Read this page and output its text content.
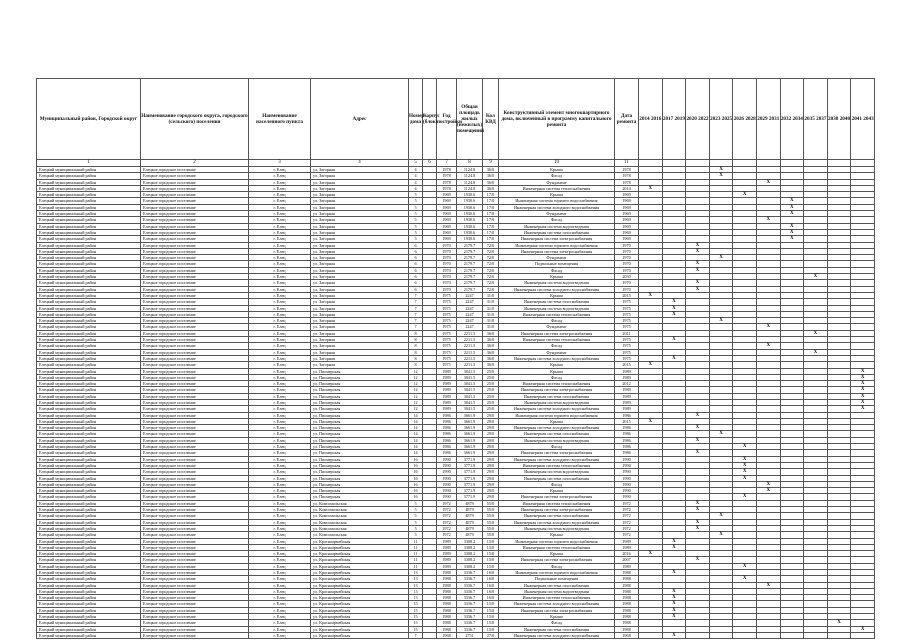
Муниципальный район, Городской округ	Наименование городского округа, городского (сельского) поселения	Наименование населенного пункта	Адрес	Номер дома	Корпус (блок)	Год постройки	Общая площадь жилых (нежилых) помещений	Кол КВД	Конструктивный элемент многоквартирного дома, включенный в программу капитального ремонта	Дата ремонта	2014 2016	2017 2019	2020 2022	2023 2025	2026 2028	2029 2031	2032 2034	2035 2037	2038 2040	2041 2043
1	2	3	4	5	6	7	8	9	10	11										
Елецкий муниципальный район	Елецкое городское поселение	г. Елец	ул. Загорная	4		1978	1124.8	36/0	Крыша	1978				X						
Елецкий муниципальный район	Елецкое городское поселение	г. Елец	ул. Загорная	4		1978	1124.8	36/0	Фасад	1978				X						
Елецкий муниципальный район	Елецкое городское поселение	г. Елец	ул. Загорная	4		1978	1124.8	36/0	Фундамент	1978						X				
Елецкий муниципальный район	Елецкое городское поселение	г. Елец	ул. Загорная	4		1978	1124.8	36/0	Инженерная система теплоснабжения	2014	X									
Елецкий муниципальный район	Елецкое городское поселение	г. Елец	ул. Загорная	5		1969	1930.6	17/0	Крыша	1969					X					
Елецкий муниципальный район	Елецкое городское поселение	г. Елец	ул. Загорная	5		1969	1930.6	17/0	Инженерная система горячего водоснабжения	1969							X			
Елецкий муниципальный район	Елецкое городское поселение	г. Елец	ул. Загорная	5		1969	1930.6	17/0	Инженерная система холодного водоснабжения	1969							X			
Елецкий муниципальный район	Елецкое городское поселение	г. Елец	ул. Загорная	5		1969	1930.6	17/0	Фундамент	1969							X			
Елецкий муниципальный район	Елецкое городское поселение	г. Елец	ул. Загорная	5		1969	1930.6	17/0	Фасад	1969						X				
Елецкий муниципальный район	Елецкое городское поселение	г. Елец	ул. Загорная	5		1969	1930.6	17/0	Инженерная система водоотведения	1969							X			
Елецкий муниципальный район	Елецкое городское поселение	г. Елец	ул. Загорная	5		1969	1930.6	17/0	Инженерная система газоснабжения	1969							X			
Елецкий муниципальный район	Елецкое городское поселение	г. Елец	ул. Загорная	5		1969	1930.6	17/0	Инженерная система электроснабжения	1969							X			
Елецкий муниципальный район	Елецкое городское поселение	г. Елец	ул. Загорная	6		1970	2179.7	72/0	Инженерная система горячего водоснабжения	1970			X							
Елецкий муниципальный район	Елецкое городское поселение	г. Елец	ул. Загорная	6		1970	2179.7	72/0	Инженерная система электроснабжения	1970			X							
Елецкий муниципальный район	Елецкое городское поселение	г. Елец	ул. Загорная	6		1970	2179.7	72/0	Фундамент	1970				X						
Елецкий муниципальный район	Елецкое городское поселение	г. Елец	ул. Загорная	6		1970	2179.7	72/0	Подвальные помещения	1970			X							
Елецкий муниципальный район	Елецкое городское поселение	г. Елец	ул. Загорная	6		1970	2179.7	72/0	Фасад	1970			X							
Елецкий муниципальный район	Елецкое городское поселение	г. Елец	ул. Загорная	6		1970	2179.7	72/0	Крыша	2030								X		
Елецкий муниципальный район	Елецкое городское поселение	г. Елец	ул. Загорная	6		1970	2179.7	72/0	Инженерная система водоотведения	1970			X							
Елецкий муниципальный район	Елецкое городское поселение	г. Елец	ул. Загорная	6		1970	2179.7	72/0	Инженерная система холодного водоснабжения	1970			X							
Елецкий муниципальный район	Елецкое городское поселение	г. Елец	ул. Загорная	7		1975	2247	31/0	Крыша	2015	X									
Елецкий муниципальный район	Елецкое городское поселение	г. Елец	ул. Загорная	7		1975	2247	31/0	Инженерная система газоснабжения	1975		X								
Елецкий муниципальный район	Елецкое городское поселение	г. Елец	ул. Загорная	7		1975	2247	31/0	Инженерная система водоотведения	1975		X								
Елецкий муниципальный район	Елецкое городское поселение	г. Елец	ул. Загорная	7		1975	2247	31/0	Инженерная система теплоснабжения	1975		X								
Елецкий муниципальный район	Елецкое городское поселение	г. Елец	ул. Загорная	7		1975	2247	31/0	Фасад	1975				X						
Елецкий муниципальный район	Елецкое городское поселение	г. Елец	ул. Загорная	7		1975	2247	31/0	Фундамент	1975						X				
Елецкий муниципальный район	Елецкое городское поселение	г. Елец	ул. Загорная	8		1975	2211.5	36/0	Инженерная система электроснабжения	2011								X		
Елецкий муниципальный район	Елецкое городское поселение	г. Елец	ул. Загорная	8		1975	2211.5	36/0	Инженерная система теплоснабжения	1975		X								
Елецкий муниципальный район	Елецкое городское поселение	г. Елец	ул. Загорная	8		1975	2211.5	36/0	Фасад	1975						X				
Елецкий муниципальный район	Елецкое городское поселение	г. Елец	ул. Загорная	8		1975	2211.5	36/0	Фундамент	1975								X		
Елецкий муниципальный район	Елецкое городское поселение	г. Елец	ул. Загорная	8		1975	2211.5	36/0	Инженерная система холодного водоснабжения	1975		X								
Елецкий муниципальный район	Елецкое городское поселение	г. Елец	ул. Загорная	8		1975	2211.5	36/0	Крыша	2015	X									
Елецкий муниципальный район	Елецкое городское поселение	г. Елец	ул. Пионерская	12		1989	3041.5	25/0	Крыша	1989										X
Елецкий муниципальный район	Елецкое городское поселение	г. Елец	ул. Пионерская	12		1989	3041.5	25/0	Фасад	1989										X
Елецкий муниципальный район	Елецкое городское поселение	г. Елец	ул. Пионерская	12		1989	3041.5	25/0	Инженерная система теплоснабжения	2012										X
Елецкий муниципальный район	Елецкое городское поселение	г. Елец	ул. Пионерская	12		1989	3041.5	25/0	Инженерная система электроснабжения	1989										X
Елецкий муниципальный район	Елецкое городское поселение	г. Елец	ул. Пионерская	12		1989	3041.5	25/0	Инженерная система газоснабжения	1989										X
Елецкий муниципальный район	Елецкое городское поселение	г. Елец	ул. Пионерская	12		1989	3041.5	25/0	Инженерная система водоотведения	1989										X
Елецкий муниципальный район	Елецкое городское поселение	г. Елец	ул. Пионерская	12		1989	3041.5	25/0	Инженерная система холодного водоснабжения	1989										X
Елецкий муниципальный район	Елецкое городское поселение	г. Елец	ул. Пионерская	14		1986	3661.9	29/0	Инженерная система горячего водоснабжения	1986			X							
Елецкий муниципальный район	Елецкое городское поселение	г. Елец	ул. Пионерская	14		1986	3661.9	29/0	Крыша	2015	X									
Елецкий муниципальный район	Елецкое городское поселение	г. Елец	ул. Пионерская	14		1986	3661.9	29/0	Инженерная система холодного водоснабжения	1986			X							
Елецкий муниципальный район	Елецкое городское поселение	г. Елец	ул. Пионерская	14		1986	3661.9	29/0	Инженерная система газоснабжения	1986				X						
Елецкий муниципальный район	Елецкое городское поселение	г. Елец	ул. Пионерская	14		1986	3661.9	29/0	Инженерная система водоотведения	1986			X							
Елецкий муниципальный район	Елецкое городское поселение	г. Елец	ул. Пионерская	14		1986	3661.9	29/0	Фасад	1986					X					
Елецкий муниципальный район	Елецкое городское поселение	г. Елец	ул. Пионерская	14		1986	3661.9	29/0	Инженерная система электроснабжения	1986			X							
Елецкий муниципальный район	Елецкое городское поселение	г. Елец	ул. Пионерская	16		1990	3771.9	29/0	Инженерная система холодного водоснабжения	1990					X					
Елецкий муниципальный район	Елецкое городское поселение	г. Елец	ул. Пионерская	16		1990	3771.9	29/0	Инженерная система теплоснабжения	1990					X					
Елецкий муниципальный район	Елецкое городское поселение	г. Елец	ул. Пионерская	16		1990	3771.9	29/0	Инженерная система водоотведения	1990					X					
Елецкий муниципальный район	Елецкое городское поселение	г. Елец	ул. Пионерская	16		1990	3771.9	29/0	Инженерная система газоснабжения	1990					X					
Елецкий муниципальный район	Елецкое городское поселение	г. Елец	ул. Пионерская	16		1990	3771.9	29/0	Фасад	1990						X				
Елецкий муниципальный район	Елецкое городское поселение	г. Елец	ул. Пионерская	16		1990	3771.9	29/0	Крыша	1990						X				
Елецкий муниципальный район	Елецкое городское поселение	г. Елец	ул. Пионерская	16		1990	3771.9	29/0	Инженерная система электроснабжения	1990					X					
Елецкий муниципальный район	Елецкое городское поселение	г. Елец	ул. Комсомольская	5		1972	4879	55/0	Инженерная система теплоснабжения	1972			X							
Елецкий муниципальный район	Елецкое городское поселение	г. Елец	ул. Комсомольская	5		1972	4879	55/0	Инженерная система электроснабжения	1972			X							
Елецкий муниципальный район	Елецкое городское поселение	г. Елец	ул. Комсомольская	5		1972	4879	55/0	Инженерная система газоснабжения	1972				X						
Елецкий муниципальный район	Елецкое городское поселение	г. Елец	ул. Комсомольская	5		1972	4879	55/0	Инженерная система холодного водоснабжения	1972			X							
Елецкий муниципальный район	Елецкое городское поселение	г. Елец	ул. Комсомольская	5		1972	4879	55/0	Инженерная система водоотведения	1972			X							
Елецкий муниципальный район	Елецкое городское поселение	г. Елец	ул. Комсомольская	5		1972	4879	55/0	Крыша	1972				X						
Елецкий муниципальный район	Елецкое городское поселение	г. Елец	ул. Красноармейская	11		1989	3308.2	15/0	Инженерная система горячего водоснабжения	1989		X								
Елецкий муниципальный район	Елецкое городское поселение	г. Елец	ул. Красноармейская	11		1989	3308.2	15/0	Инженерная система теплоснабжения	1989		X								
Елецкий муниципальный район	Елецкое городское поселение	г. Елец	ул. Красноармейская	11		1989	3308.2	15/0	Крыша	2016	X									
Елецкий муниципальный район	Елецкое городское поселение	г. Елец	ул. Красноармейская	11		1989	3308.2	15/0	Инженерная система электроснабжения	2007			X							
Елецкий муниципальный район	Елецкое городское поселение	г. Елец	ул. Красноармейская	11		1989	3308.2	15/0	Фасад	1989					X					
Елецкий муниципальный район	Елецкое городское поселение	г. Елец	ул. Красноармейская	13		1988	3336.7	16/0	Инженерная система горячего водоснабжения	1988		X								
Елецкий муниципальный район	Елецкое городское поселение	г. Елец	ул. Красноармейская	13		1988	3336.7	16/0	Подвальные помещения	1988					X					
Елецкий муниципальный район	Елецкое городское поселение	г. Елец	ул. Красноармейская	13		1988	3336.7	16/0	Инженерная система газоснабжения	1988						X				
Елецкий муниципальный район	Елецкое городское поселение	г. Елец	ул. Красноармейская	13		1988	3336.7	16/0	Инженерная система водоотведения	1988		X								
Елецкий муниципальный район	Елецкое городское поселение	г. Елец	ул. Красноармейская	13		1988	3336.7	16/0	Инженерная система теплоснабжения	1988		X								
Елецкий муниципальный район	Елецкое городское поселение	г. Елец	ул. Красноармейская	15		1988	3336.7	15/0	Инженерная система холодного водоснабжения	1988		X								
Елецкий муниципальный район	Елецкое городское поселение	г. Елец	ул. Красноармейская	15		1988	3336.7	15/0	Инженерная система электроснабжения	1988		X								
Елецкий муниципальный район	Елецкое городское поселение	г. Елец	ул. Красноармейская	15		1988	3336.7	15/0	Крыша	1988		X								
Елецкий муниципальный район	Елецкое городское поселение	г. Елец	ул. Красноармейская	15		1988	3336.7	15/0	Фасад	1988									X	
Елецкий муниципальный район	Елецкое городское поселение	г. Елец	ул. Красноармейская	15		1988	3336.7	15/0	Инженерная система газоснабжения	1988										X
Елецкий муниципальный район	Елецкое городское поселение	г. Елец	ул. Красноармейская	7		1968	2751	27/0	Инженерная система холодного водоснабжения	1968		X								
